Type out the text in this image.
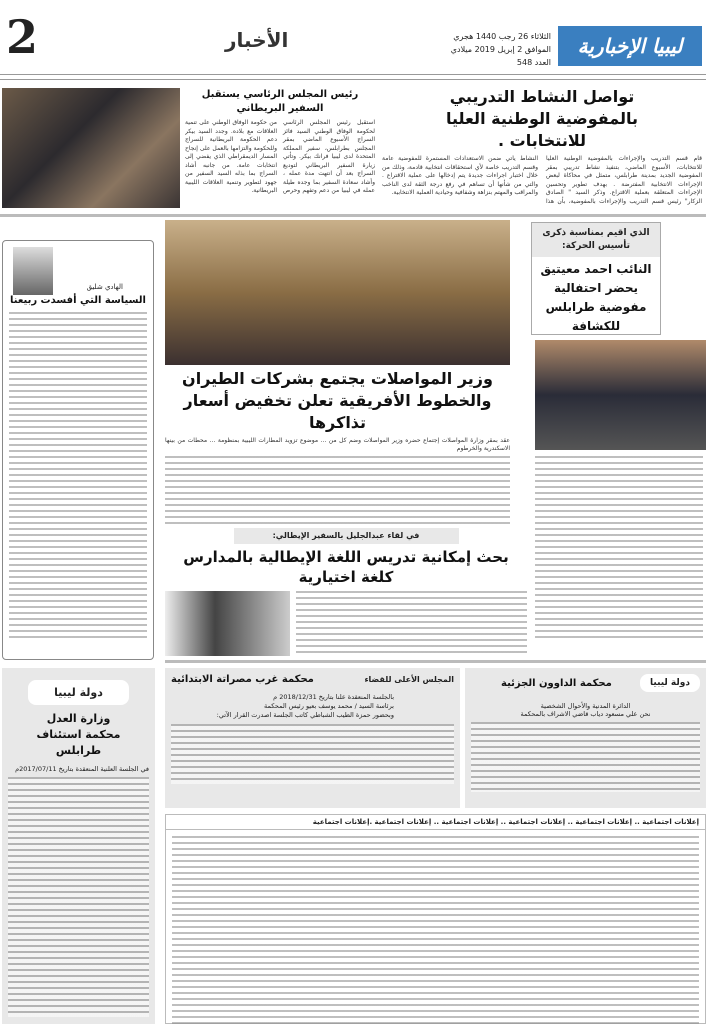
2	الأخبار	ليبيا الإخبارية
الثلاثاء 26 رجب 1440 هجري
الموافق 2 إبريل 2019 ميلادي
العدد 548
تواصل النشاط التدريبي بالمفوضية الوطنية العليا للانتخابات .
قام قسم التدريب والإجراءات بالمفوضية الوطنية العليا للانتخابات، الأسبوع الماضي، بتنفيذ نشاط تدريبي بمقر المفوضية الجديد بمدينة طرابلس، متمثل في محاكاة لبعض الإجراءات الانتخابية المفترضة . بهدف تطوير وتحسين الإجراءات المتعلقة بعملية الاقتراع. وذكر السيد " الصادق الزكار" رئيس قسم التدريب والإجراءات بالمفوضية، بأن هذا النشاط يأتي ضمن الاستعدادات المستمرة للمفوضية عامة وقسم التدريب خاصة لأي استحقاقات انتخابية قادمة، وذلك من خلال اختبار اجراءات جديدة يتم إدخالها على عملية الاقتراع . والتي من شأنها أن تساهم في رفع درجة الثقة لدى الناخب والمراقب والمهتم بنزاهة وشفافية وحيادية العملية الانتخابية.
رئيس المجلس الرئاسي يستقبل السفير البريطاني
استقبل رئيس المجلس الرئاسي لحكومة الوفاق الوطني السيد فائز السراج الأسبوع الماضي بمقر المجلس بطرابلس، سفير المملكة المتحدة لدى ليبيا فرانك بيكر. وتأتي زيارة السفير البريطاني لتوديع السراج بعد أن انتهت مدة عمله ، وأشاد سعادة السفير بما وجده طيلة عمله في ليبيا من دعم وتفهم وحرص من حكومة الوفاق الوطني على تنمية العلاقات مع بلاده. وجدد السيد بيكر دعم الحكومة البريطانية للسراج وللحكومة والتزامها بالعمل على إنجاح المسار الديمقراطي الذي يفضي إلى انتخابات عامة. من جانبه أشاد السراج بما بذله السيد السفير من جهود لتطوير وتنمية العلاقات الليبية البريطانية.
الهادي شليق
السياسة التي أفسدت ربيعنا
وزير المواصلات يجتمع بشركات الطيران والخطوط الأفريقية تعلن تخفيض أسعار تذاكرها
عقد بمقر وزارة المواصلات إجتماع حضره وزير المواصلات وضم كل من ... موضوع تزويد المطارات الليبية بمنظومة ... محطات من بينها الاسكندرية والخرطوم
في لقاء عبدالجليل بالسفير الإيطالي:
بحث إمكانية تدريس اللغة الإيطالية بالمدارس كلغة اختيارية
الذي اقيم بمناسبة ذكرى تأسيس الحركة:
النائب احمد معيتيق يحضر احتفالية مفوضية طرابلس للكشافة
دولة ليبيا
محكمة الداوون الجزئية
الدائرة المدنية والأحوال الشخصية
نحن علي مسعود دياب قاضي الاشراف بالمحكمة
المجلس الأعلى للقضاء
محكمة غرب مصراتة الابتدائية
بالجلسة المنعقدة علنا بتاريخ 2018/12/31 م
برئاسة السيد / محمد يوسف بعيو رئيس المحكمة
وبحضور حمزة الطيب الشباطي كاتب الجلسة اصدرت القرار الآتي:
دولة ليبيا
وزارة العدل محكمة استئناف طرابلس
في الجلسة العلنية المنعقدة بتاريخ 2017/07/11م
إعلانات اجتماعية .. إعلانات اجتماعية .. إعلانات اجتماعية .. إعلانات اجتماعية .. إعلانات اجتماعية .إعلانات اجتماعية
